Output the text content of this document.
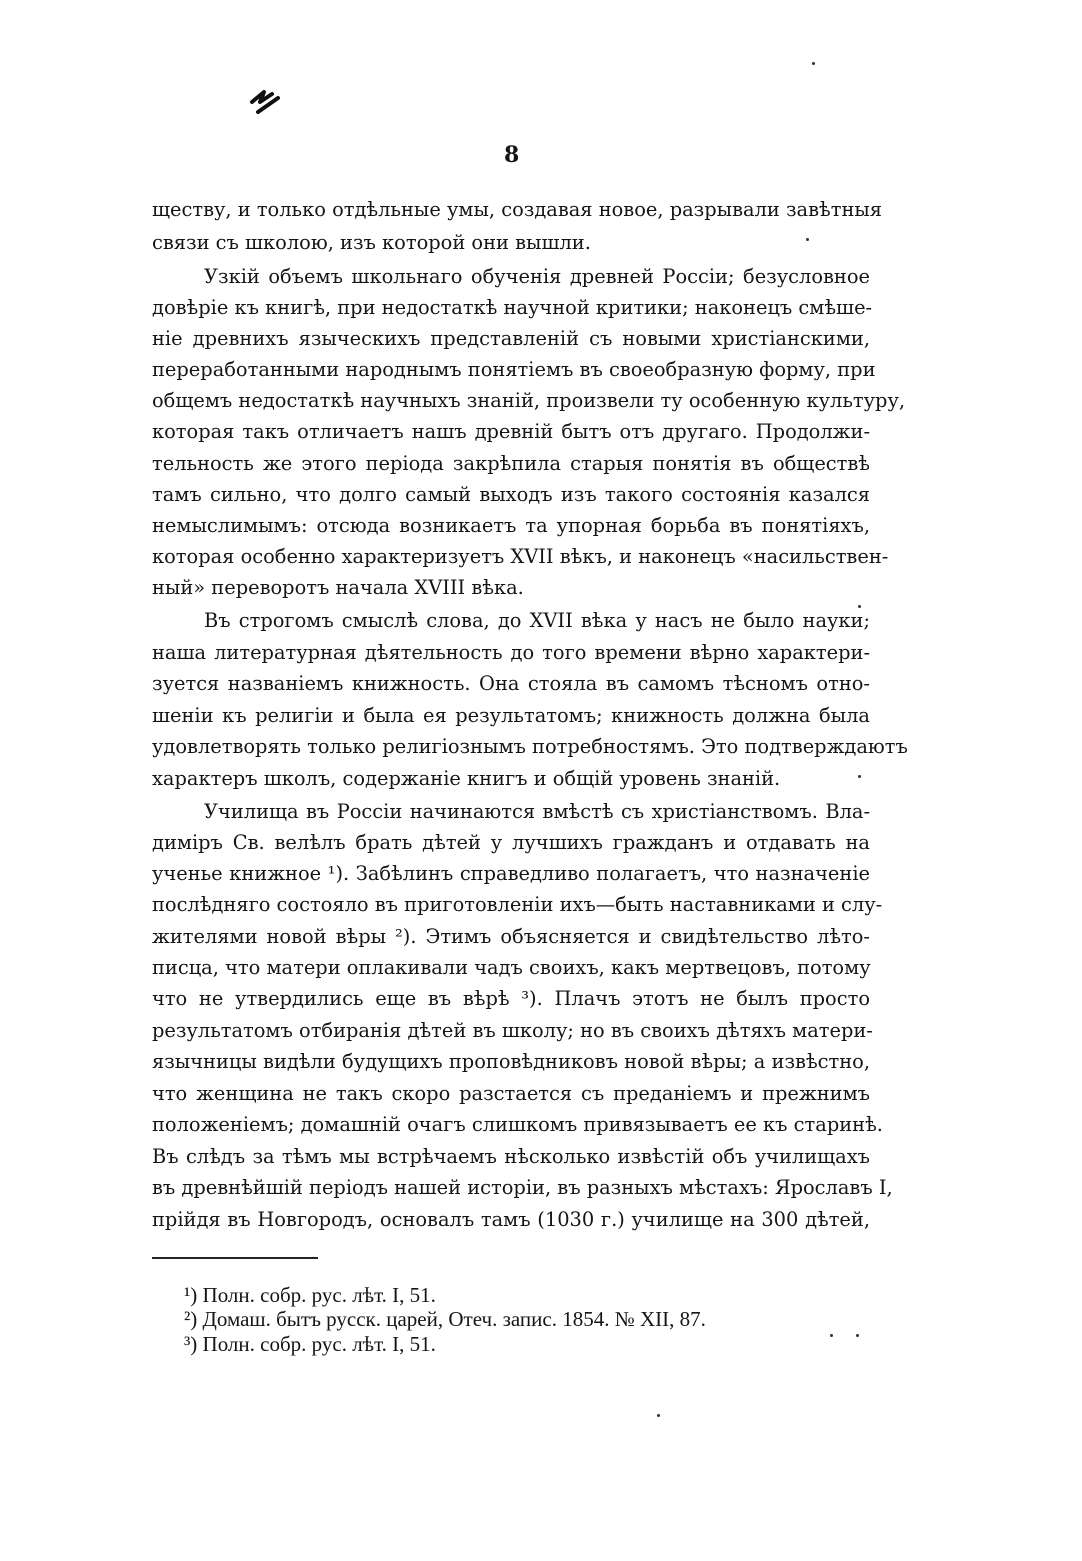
8
ществу, и только отдѣльные умы, создавая новое, разрывали завѣтныя
связи съ школою, изъ которой они вышли.
Узкій объемъ школьнаго обученія древней Россіи; безусловное
довѣріе къ книгѣ, при недостаткѣ научной критики; наконецъ смѣше-
ніе древнихъ языческихъ представленій съ новыми христіанскими,
переработанными народнымъ понятіемъ въ своеобразную форму, при
общемъ недостаткѣ научныхъ знаній, произвели ту особенную культуру,
которая такъ отличаетъ нашъ древній бытъ отъ другаго. Продолжи-
тельность же этого періода закрѣпила старыя понятія въ обществѣ
тамъ сильно, что долго самый выходъ изъ такого состоянія казался
немыслимымъ: отсюда возникаетъ та упорная борьба въ понятіяхъ,
которая особенно характеризуетъ XVII вѣкъ, и наконецъ «насильствен-
ный» переворотъ начала XVIII вѣка.
Въ строгомъ смыслѣ слова, до XVII вѣка у насъ не было науки;
наша литературная дѣятельность до того времени вѣрно характери-
зуется названіемъ книжность. Она стояла въ самомъ тѣсномъ отно-
шеніи къ религіи и была ея результатомъ; книжность должна была
удовлетворять только религіознымъ потребностямъ. Это подтверждаютъ
характеръ школъ, содержаніе книгъ и общій уровень знаній.
Училища въ Россіи начинаются вмѣстѣ съ христіанствомъ. Вла-
диміръ Св. велѣлъ брать дѣтей у лучшихъ гражданъ и отдавать на
ученье книжное ¹). Забѣлинъ справедливо полагаетъ, что назначеніе
послѣдняго состояло въ приготовленіи ихъ—быть наставниками и слу-
жителями новой вѣры ²). Этимъ объясняется и свидѣтельство лѣто-
писца, что матери оплакивали чадъ своихъ, какъ мертвецовъ, потому
что не утвердились еще въ вѣрѣ ³). Плачъ этотъ не былъ просто
результатомъ отбиранія дѣтей въ школу; но въ своихъ дѣтяхъ матери-
язычницы видѣли будущихъ проповѣдниковъ новой вѣры; а извѣстно,
что женщина не такъ скоро разстается съ преданіемъ и прежнимъ
положеніемъ; домашній очагъ слишкомъ привязываетъ ее къ старинѣ.
Въ слѣдъ за тѣмъ мы встрѣчаемъ нѣсколько извѣстій объ училищахъ
въ древнѣйшій періодъ нашей исторіи, въ разныхъ мѣстахъ: Ярославъ I,
прійдя въ Новгородъ, основалъ тамъ (1030 г.) училище на 300 дѣтей,
¹) Полн. собр. рус. лѣт. I, 51.
²) Домаш. бытъ русск. царей, Отеч. запис. 1854. № XII, 87.
³) Полн. собр. рус. лѣт. I, 51.
